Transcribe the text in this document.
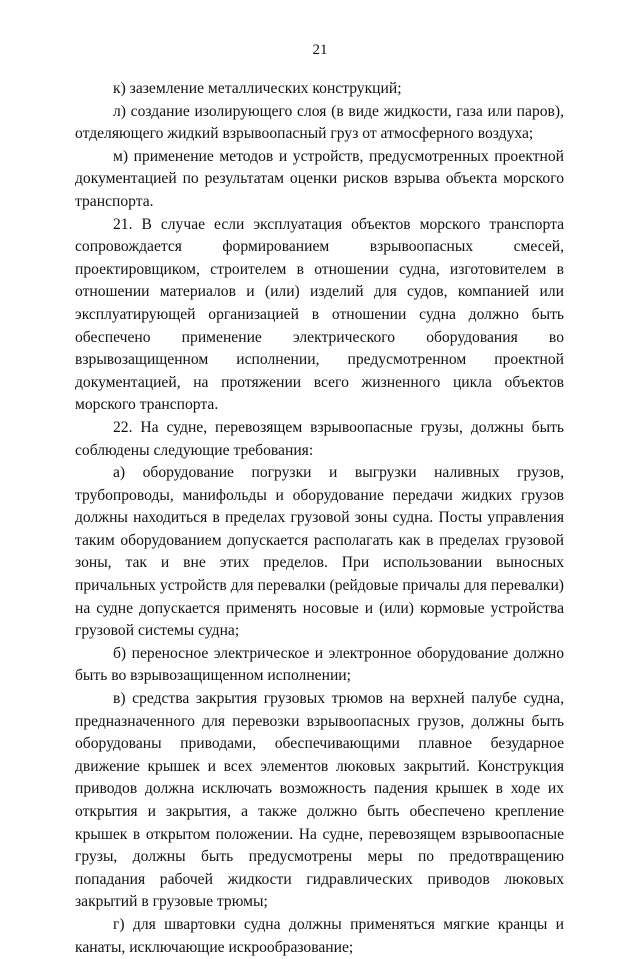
21

к) заземление металлических конструкций;

л) создание изолирующего слоя (в виде жидкости, газа или паров), отделяющего жидкий взрывоопасный груз от атмосферного воздуха;

м) применение методов и устройств, предусмотренных проектной документацией по результатам оценки рисков взрыва объекта морского транспорта.

21. В случае если эксплуатация объектов морского транспорта сопровождается формированием взрывоопасных смесей, проектировщиком, строителем в отношении судна, изготовителем в отношении материалов и (или) изделий для судов, компанией или эксплуатирующей организацией в отношении судна должно быть обеспечено применение электрического оборудования во взрывозащищенном исполнении, предусмотренном проектной документацией, на протяжении всего жизненного цикла объектов морского транспорта.

22. На судне, перевозящем взрывоопасные грузы, должны быть соблюдены следующие требования:

а) оборудование погрузки и выгрузки наливных грузов, трубопроводы, манифольды и оборудование передачи жидких грузов должны находиться в пределах грузовой зоны судна. Посты управления таким оборудованием допускается располагать как в пределах грузовой зоны, так и вне этих пределов. При использовании выносных причальных устройств для перевалки (рейдовые причалы для перевалки) на судне допускается применять носовые и (или) кормовые устройства грузовой системы судна;

б) переносное электрическое и электронное оборудование должно быть во взрывозащищенном исполнении;

в) средства закрытия грузовых трюмов на верхней палубе судна, предназначенного для перевозки взрывоопасных грузов, должны быть оборудованы приводами, обеспечивающими плавное безударное движение крышек и всех элементов люковых закрытий. Конструкция приводов должна исключать возможность падения крышек в ходе их открытия и закрытия, а также должно быть обеспечено крепление крышек в открытом положении. На судне, перевозящем взрывоопасные грузы, должны быть предусмотрены меры по предотвращению попадания рабочей жидкости гидравлических приводов люковых закрытий в грузовые трюмы;

г) для швартовки судна должны применяться мягкие кранцы и канаты, исключающие искрообразование;
